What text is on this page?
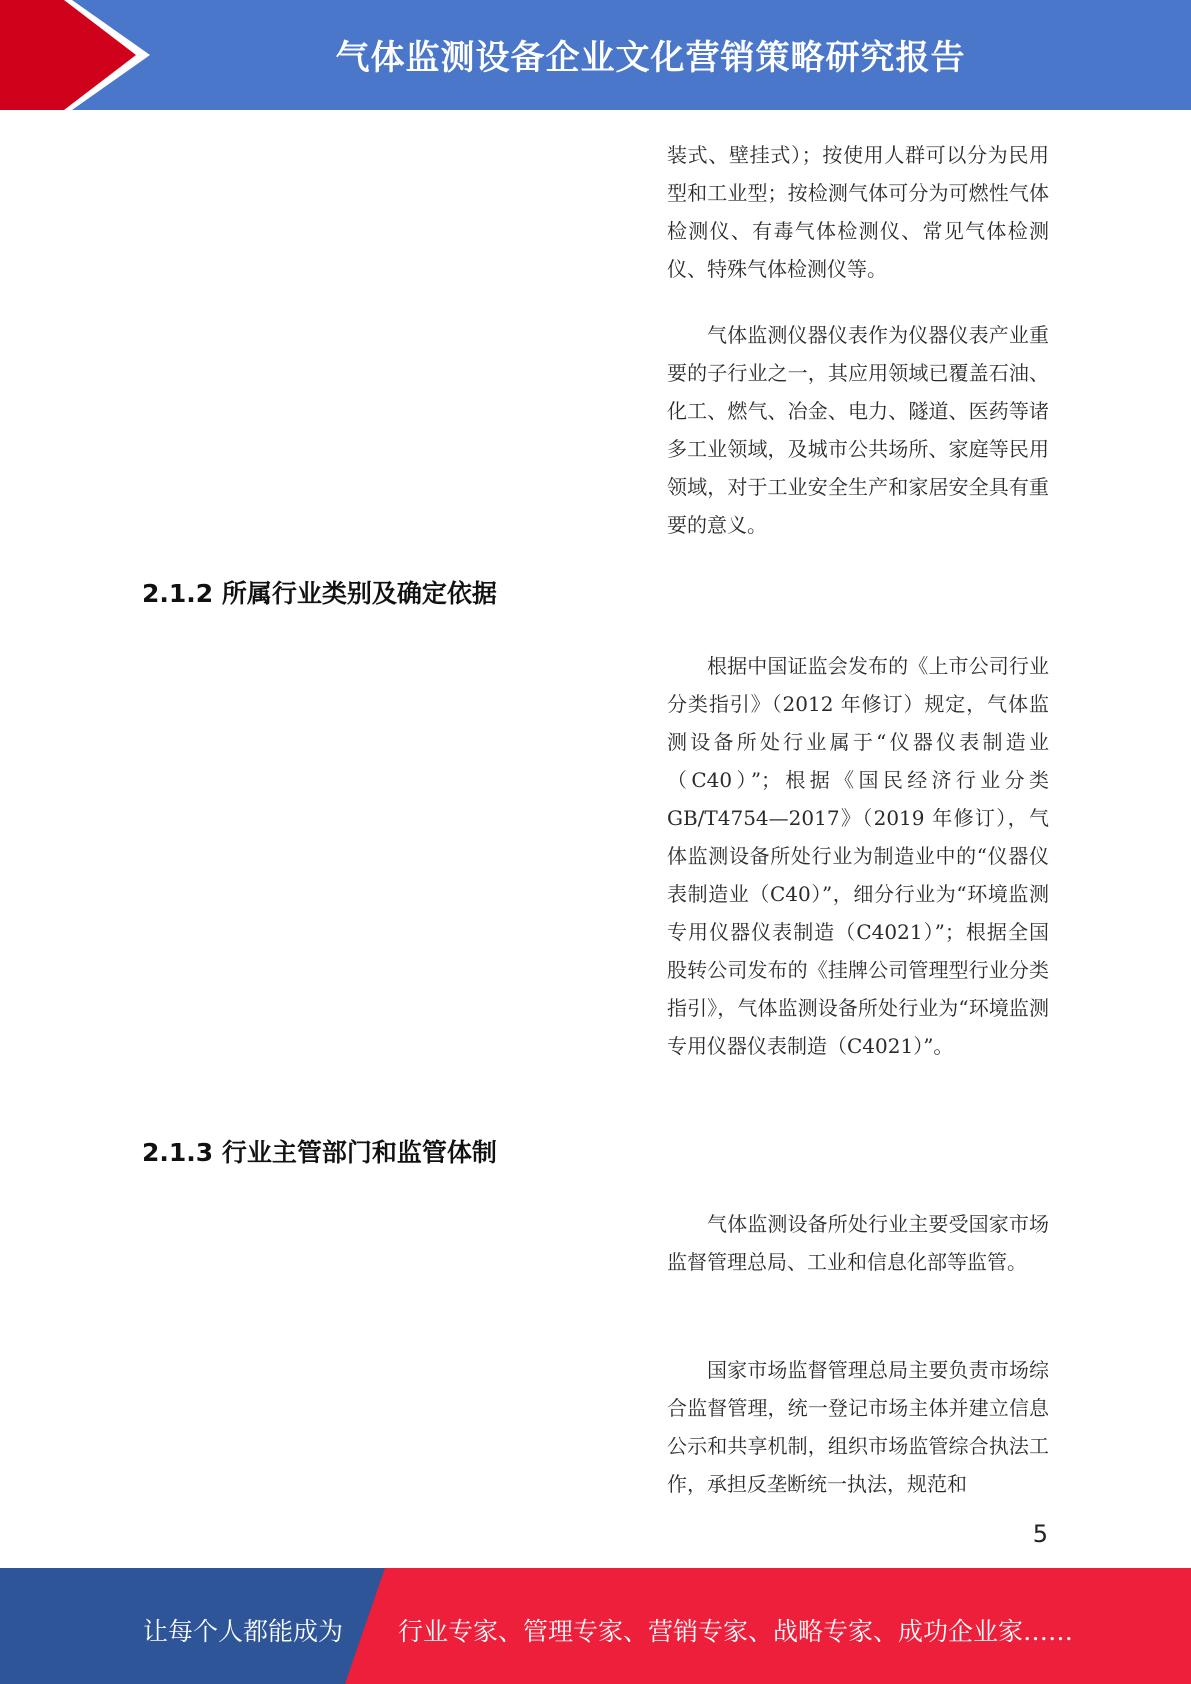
气体监测设备企业文化营销策略研究报告

装式、壁挂式）；按使用人群可以分为民用型和工业型；按检测气体可分为可燃性气体检测仪、有毒气体检测仪、常见气体检测仪、特殊气体检测仪等。

气体监测仪器仪表作为仪器仪表产业重要的子行业之一，其应用领域已覆盖石油、化工、燃气、冶金、电力、隧道、医药等诸多工业领域，及城市公共场所、家庭等民用领域，对于工业安全生产和家居安全具有重要的意义。

2.1.2 所属行业类别及确定依据

根据中国证监会发布的《上市公司行业分类指引》（2012 年修订）规定，气体监测设备所处行业属于“仪器仪表制造业（C40）”；根据《国民经济行业分类 GB/T4754—2017》（2019 年修订），气体监测设备所处行业为制造业中的“仪器仪表制造业（C40）”，细分行业为“环境监测专用仪器仪表制造（C4021）”；根据全国股转公司发布的《挂牌公司管理型行业分类指引》，气体监测设备所处行业为“环境监测专用仪器仪表制造（C4021）”。

2.1.3 行业主管部门和监管体制

气体监测设备所处行业主要受国家市场监督管理总局、工业和信息化部等监管。

国家市场监督管理总局主要负责市场综合监督管理，统一登记市场主体并建立信息公示和共享机制，组织市场监管综合执法工作，承担反垄断统一执法，规范和

5
让每个人都能成为 行业专家、管理专家、营销专家、战略专家、成功企业家……
